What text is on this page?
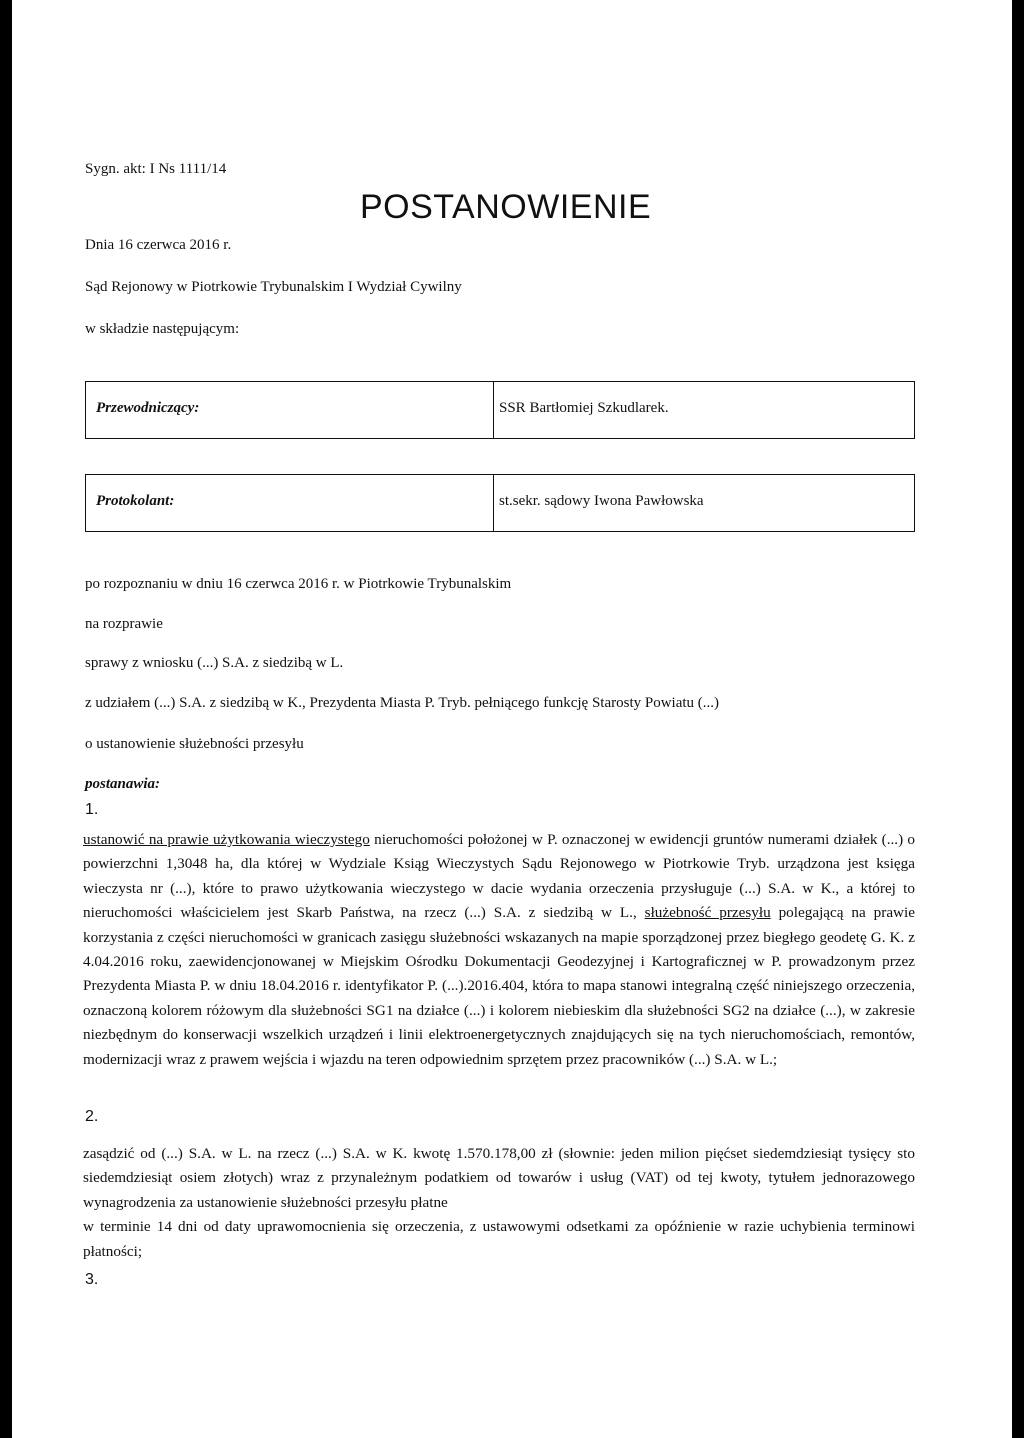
Sygn. akt: I Ns 1111/14
POSTANOWIENIE
Dnia 16 czerwca 2016 r.
Sąd Rejonowy w Piotrkowie Trybunalskim I Wydział Cywilny
w składzie następującym:
Przewodniczący:	SSR Bartłomiej Szkudlarek.
Protokolant:	st.sekr. sądowy Iwona Pawłowska
po rozpoznaniu w dniu 16 czerwca 2016 r. w Piotrkowie Trybunalskim
na rozprawie
sprawy z wniosku (...) S.A. z siedzibą w L.
z udziałem (...) S.A. z siedzibą w K., Prezydenta Miasta P. Tryb. pełniącego funkcję Starosty Powiatu (...)
o ustanowienie służebności przesyłu
postanawia:
1.
ustanowić na prawie użytkowania wieczystego nieruchomości położonej w P. oznaczonej w ewidencji gruntów numerami działek (...) o powierzchni 1,3048 ha, dla której w Wydziale Ksiąg Wieczystych Sądu Rejonowego w Piotrkowie Tryb. urządzona jest księga wieczysta nr (...), które to prawo użytkowania wieczystego w dacie wydania orzeczenia przysługuje (...) S.A. w K., a której to nieruchomości właścicielem jest Skarb Państwa, na rzecz (...) S.A. z siedzibą w L., służebność przesyłu polegającą na prawie korzystania z części nieruchomości w granicach zasięgu służebności wskazanych na mapie sporządzonej przez biegłego geodetę G. K. z 4.04.2016 roku, zaewidencjonowanej w Miejskim Ośrodku Dokumentacji Geodezyjnej i Kartograficznej w P. prowadzonym przez Prezydenta Miasta P. w dniu 18.04.2016 r. identyfikator P. (...).2016.404, która to mapa stanowi integralną część niniejszego orzeczenia, oznaczoną kolorem różowym dla służebności SG1 na działce (...) i kolorem niebieskim dla służebności SG2 na działce (...), w zakresie niezbędnym do konserwacji wszelkich urządzeń i linii elektroenergetycznych znajdujących się na tych nieruchomościach, remontów, modernizacji wraz z prawem wejścia i wjazdu na teren odpowiednim sprzętem przez pracowników (...) S.A. w L.;
2.
zasądzić od (...) S.A. w L. na rzecz (...) S.A. w K. kwotę 1.570.178,00 zł (słownie: jeden milion pięćset siedemdziesiąt tysięcy sto siedemdziesiąt osiem złotych) wraz z przynależnym podatkiem od towarów i usług (VAT) od tej kwoty, tytułem jednorazowego wynagrodzenia za ustanowienie służebności przesyłu płatne
w terminie 14 dni od daty uprawomocnienia się orzeczenia, z ustawowymi odsetkami za opóźnienie w razie uchybienia terminowi płatności;
3.
